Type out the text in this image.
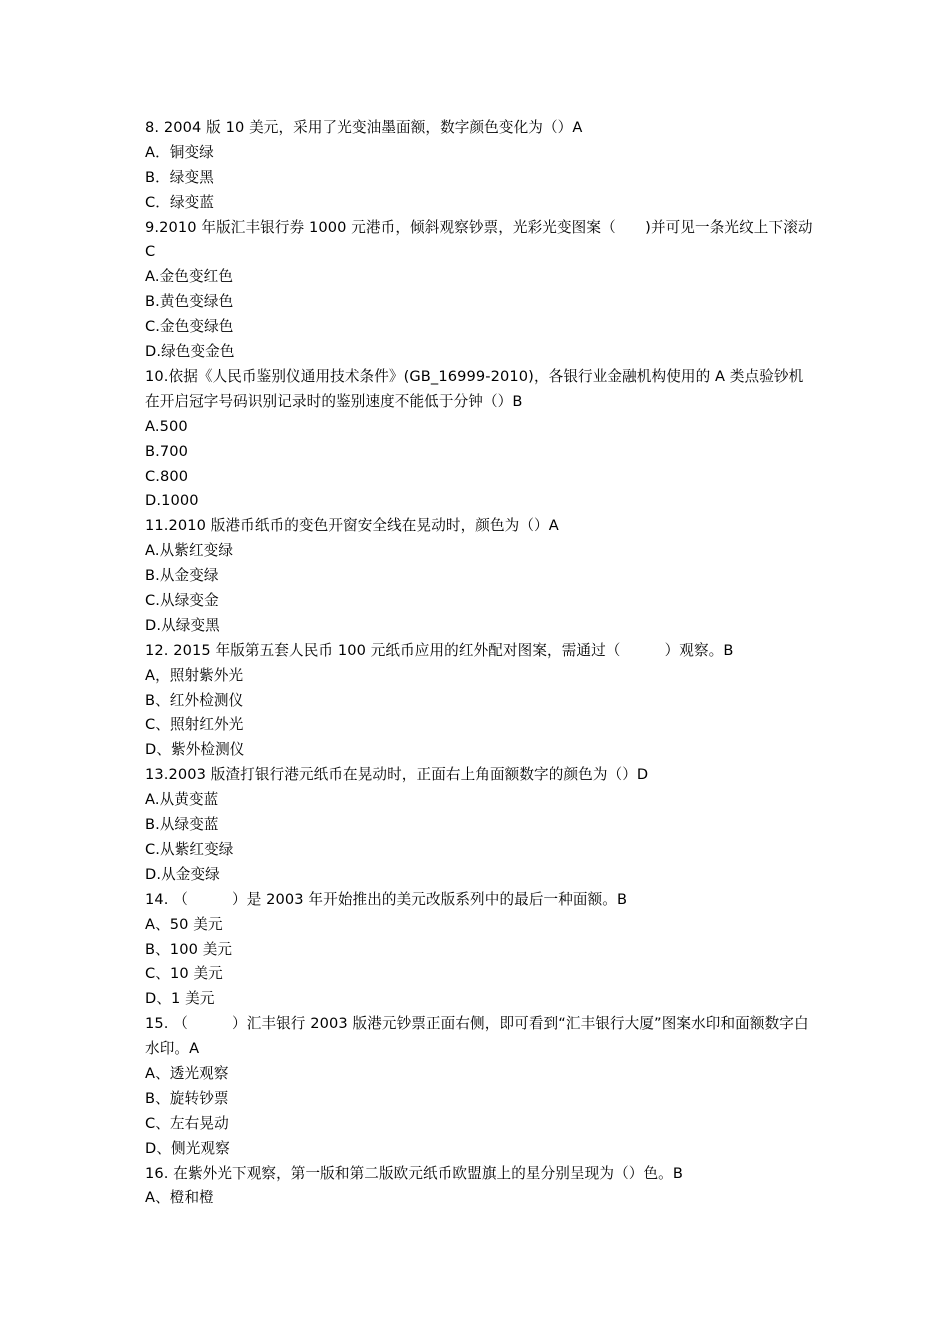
8. 2004 版 10 美元，采用了光变油墨面额，数字颜色变化为（）A
A．铜变绿
B．绿变黑
C．绿变蓝
9.2010 年版汇丰银行券 1000 元港币，倾斜观察钞票，光彩光变图案（　　)并可见一条光纹上下滚动 C
A.金色变红色
B.黄色变绿色
C.金色变绿色
D.绿色变金色
10.依据《人民币鉴别仪通用技术条件》(GB_16999-2010)，各银行业金融机构使用的 A 类点验钞机在开启冠字号码识别记录时的鉴别速度不能低于分钟（）B
A.500
B.700
C.800
D.1000
11.2010 版港币纸币的变色开窗安全线在晃动时，颜色为（）A
A.从紫红变绿
B.从金变绿
C.从绿变金
D.从绿变黑
12. 2015 年版第五套人民币 100 元纸币应用的红外配对图案，需通过（　　　）观察。B
A，照射紫外光
B、红外检测仪
C、照射红外光
D、紫外检测仪
13.2003 版渣打银行港元纸币在晃动时，正面右上角面额数字的颜色为（）D
A.从黄变蓝
B.从绿变蓝
C.从紫红变绿
D.从金变绿
14. （　　　）是 2003 年开始推出的美元改版系列中的最后一种面额。B
A、50 美元
B、100 美元
C、10 美元
D、1 美元
15. （　　　）汇丰银行 2003 版港元钞票正面右侧，即可看到“汇丰银行大厦”图案水印和面额数字白水印。A
A、透光观察
B、旋转钞票
C、左右晃动
D、侧光观察
16. 在紫外光下观察，第一版和第二版欧元纸币欧盟旗上的星分别呈现为（）色。B
A、橙和橙
